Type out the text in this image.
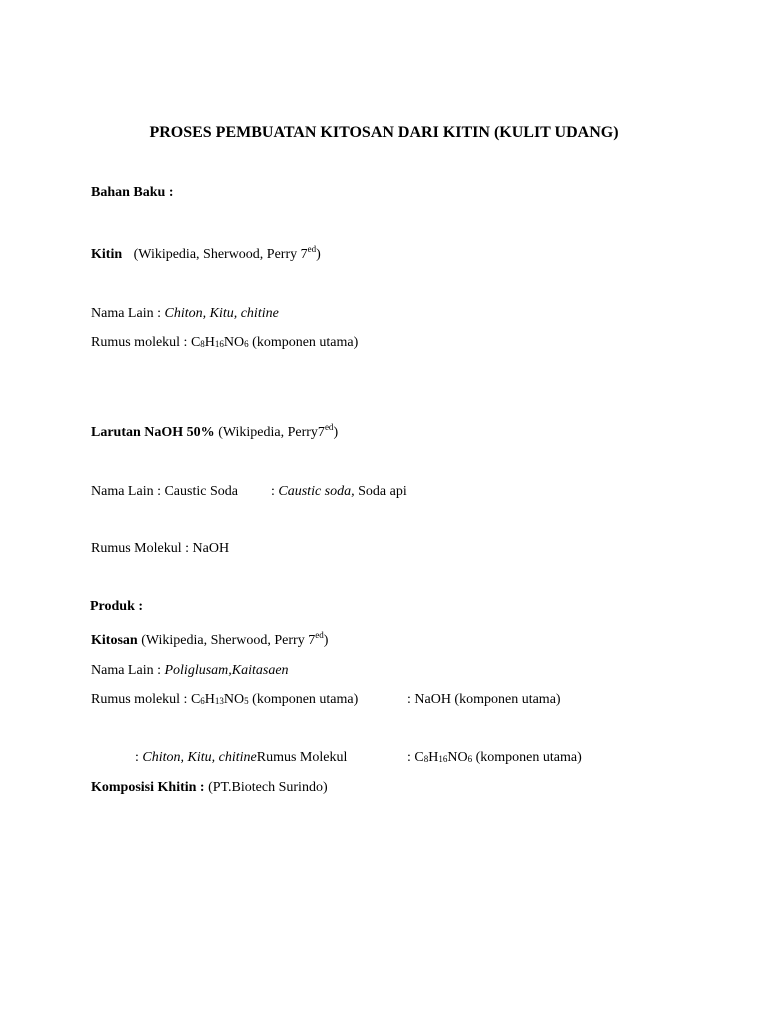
PROSES PEMBUATAN KITOSAN DARI KITIN (KULIT UDANG)
Bahan Baku :
Kitin (Wikipedia, Sherwood, Perry $7^{ed}$)
Nama Lain : Chiton, Kitu, chitine
Rumus molekul : $C_8H_{16}NO_6$ (komponen utama)
Larutan NaOH 50% (Wikipedia, $Perry7^{ed}$)
Nama Lain : Caustic Soda : Caustic soda, Soda api
Rumus Molekul : NaOH
Produk :
Kitosan (Wikipedia, Sherwood, Perry $7^{ed}$)
Nama Lain : Poliglusam,Kaitasaen
Rumus molekul : $C_6H_{13}NO_5$ (komponen utama)	: NaOH (komponen utama)
: Chiton, Kitu, chitineRumus Molekul	: $C_8H_{16}NO_6$ (komponen utama)
Komposisi Khitin : (PT.Biotech Surindo)
